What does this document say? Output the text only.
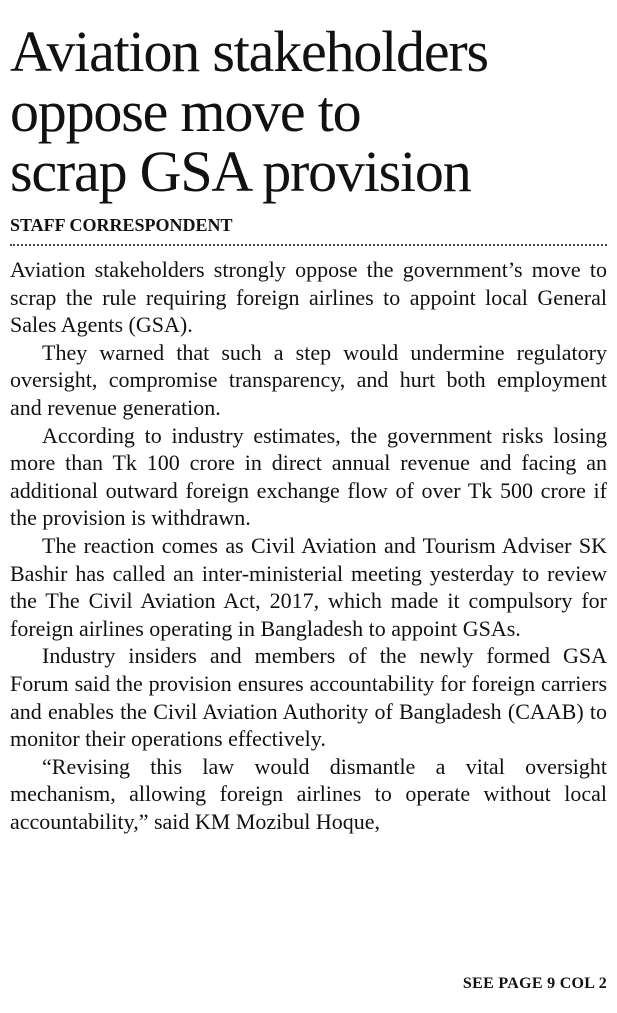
Aviation stakeholders
oppose move to
scrap GSA provision
STAFF CORRESPONDENT

Aviation stakeholders strongly oppose the government’s move to scrap the rule requiring foreign airlines to appoint local General Sales Agents (GSA).

They warned that such a step would undermine regulatory oversight, compromise transparency, and hurt both employment and revenue generation.

According to industry estimates, the government risks losing more than Tk 100 crore in direct annual revenue and facing an additional outward foreign exchange flow of over Tk 500 crore if the provision is withdrawn.

The reaction comes as Civil Aviation and Tourism Adviser SK Bashir has called an inter-ministerial meeting yesterday to review the The Civil Aviation Act, 2017, which made it compulsory for foreign airlines operating in Bangladesh to appoint GSAs.

Industry insiders and members of the newly formed GSA Forum said the provision ensures accountability for foreign carriers and enables the Civil Aviation Authority of Bangladesh (CAAB) to monitor their operations effectively.

“Revising this law would dismantle a vital oversight mechanism, allowing foreign airlines to operate without local accountability,” said KM Mozibul Hoque,

SEE PAGE 9 COL 2
